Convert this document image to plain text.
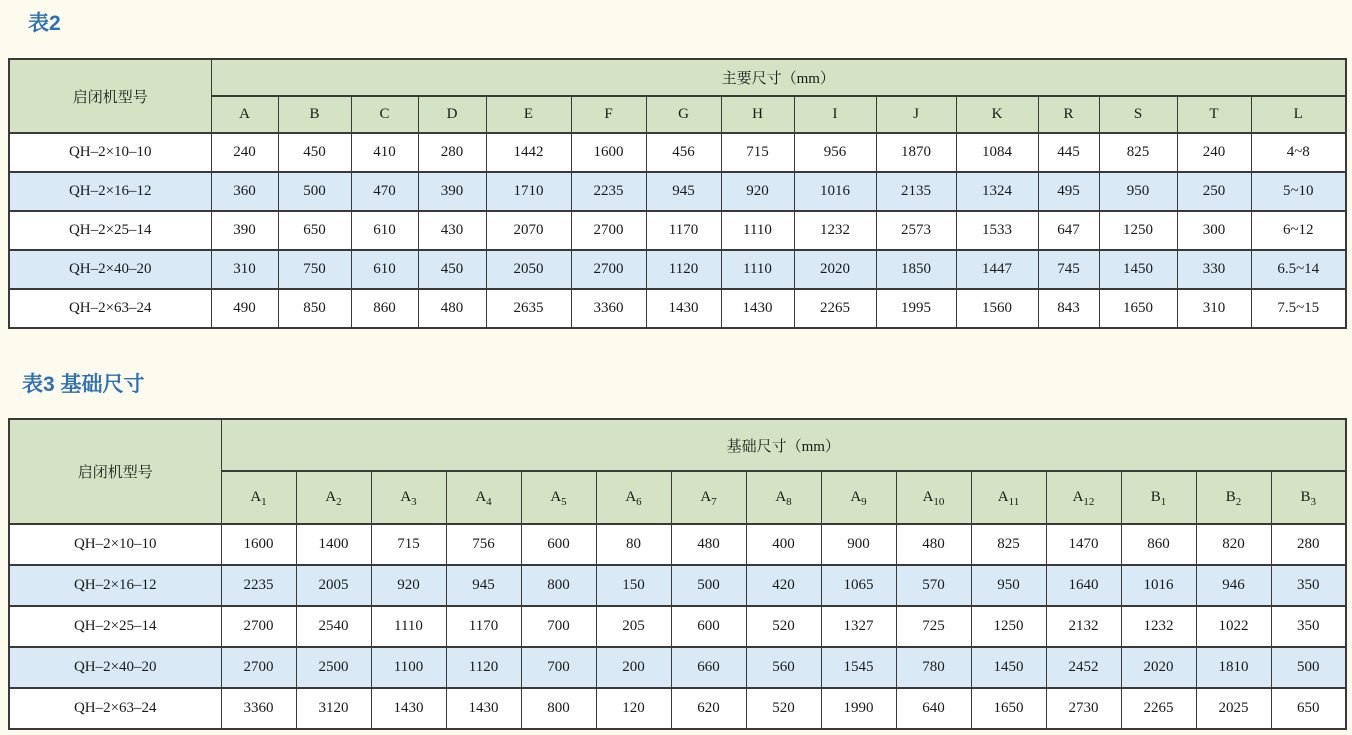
表2
启闭机型号	主要尺寸（mm）														
	A	B	C	D	E	F	G	H	I	J	K	R	S	T	L
QH–2×10–10	240	450	410	280	1442	1600	456	715	956	1870	1084	445	825	240	4~8
QH–2×16–12	360	500	470	390	1710	2235	945	920	1016	2135	1324	495	950	250	5~10
QH–2×25–14	390	650	610	430	2070	2700	1170	1110	1232	2573	1533	647	1250	300	6~12
QH–2×40–20	310	750	610	450	2050	2700	1120	1110	2020	1850	1447	745	1450	330	6.5~14
QH–2×63–24	490	850	860	480	2635	3360	1430	1430	2265	1995	1560	843	1650	310	7.5~15
表3 基础尺寸
启闭机型号	基础尺寸（mm）														
	$A_1$	$A_2$	$A_3$	$A_4$	$A_5$	$A_6$	$A_7$	$A_8$	$A_9$	$A_{10}$	$A_{11}$	$A_{12}$	$B_1$	$B_2$	$B_3$
QH–2×10–10	1600	1400	715	756	600	80	480	400	900	480	825	1470	860	820	280
QH–2×16–12	2235	2005	920	945	800	150	500	420	1065	570	950	1640	1016	946	350
QH–2×25–14	2700	2540	1110	1170	700	205	600	520	1327	725	1250	2132	1232	1022	350
QH–2×40–20	2700	2500	1100	1120	700	200	660	560	1545	780	1450	2452	2020	1810	500
QH–2×63–24	3360	3120	1430	1430	800	120	620	520	1990	640	1650	2730	2265	2025	650
